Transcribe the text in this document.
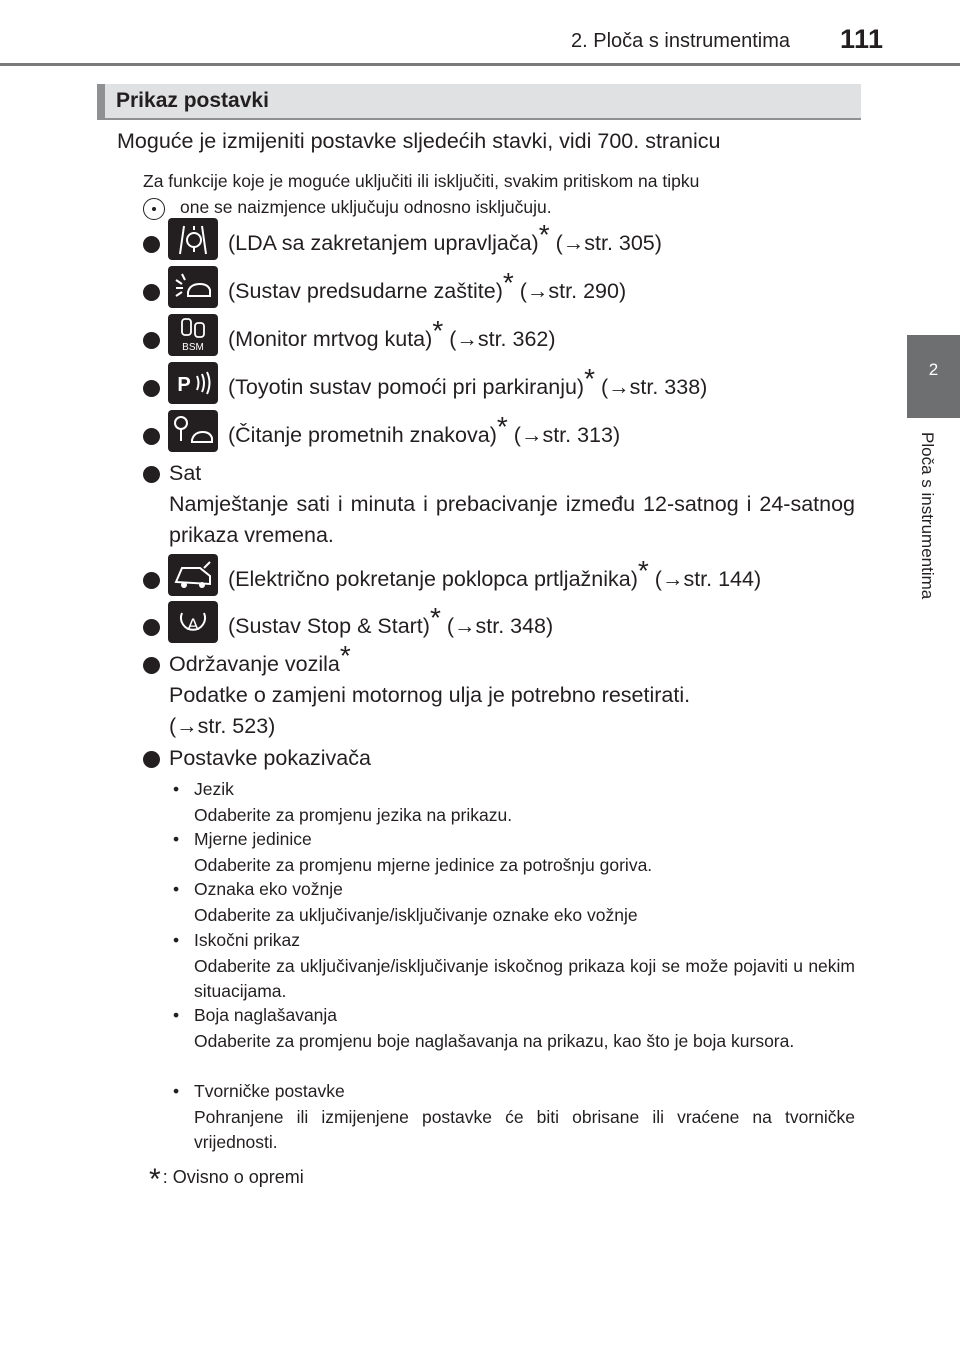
2. Ploča s instrumentima 111
2
Ploča s instrumentima
Prikaz postavki
Moguće je izmijeniti postavke sljedećih stavki, vidi 700. stranicu
Za funkcije koje je moguće uključiti ili isključiti, svakim pritiskom na tipku
one se naizmjence uključuju odnosno isključuju.
(LDA sa zakretanjem upravljača)* (→str. 305)
(Sustav predsudarne zaštite)* (→str. 290)
BSM (Monitor mrtvog kuta)* (→str. 362)
P (Toyotin sustav pomoći pri parkiranju)* (→str. 338)
(Čitanje prometnih znakova)* (→str. 313)
Sat
Namještanje sati i minuta i prebacivanje između 12-satnog i 24-satnog prikaza vremena.
(Električno pokretanje poklopca prtljažnika)* (→str. 144)
A (Sustav Stop & Start)* (→str. 348)
Održavanje vozila*
Podatke o zamjeni motornog ulja je potrebno resetirati.
(→str. 523)
Postavke pokazivača
• Jezik
Odaberite za promjenu jezika na prikazu.
• Mjerne jedinice
Odaberite za promjenu mjerne jedinice za potrošnju goriva.
• Oznaka eko vožnje
Odaberite za uključivanje/isključivanje oznake eko vožnje
• Iskočni prikaz
Odaberite za uključivanje/isključivanje iskočnog prikaza koji se može pojaviti u nekim situacijama.
• Boja naglašavanja
Odaberite za promjenu boje naglašavanja na prikazu, kao što je boja kursora.
• Tvorničke postavke
Pohranjene ili izmijenjene postavke će biti obrisane ili vraćene na tvorničke vrijednosti.
* : Ovisno o opremi
